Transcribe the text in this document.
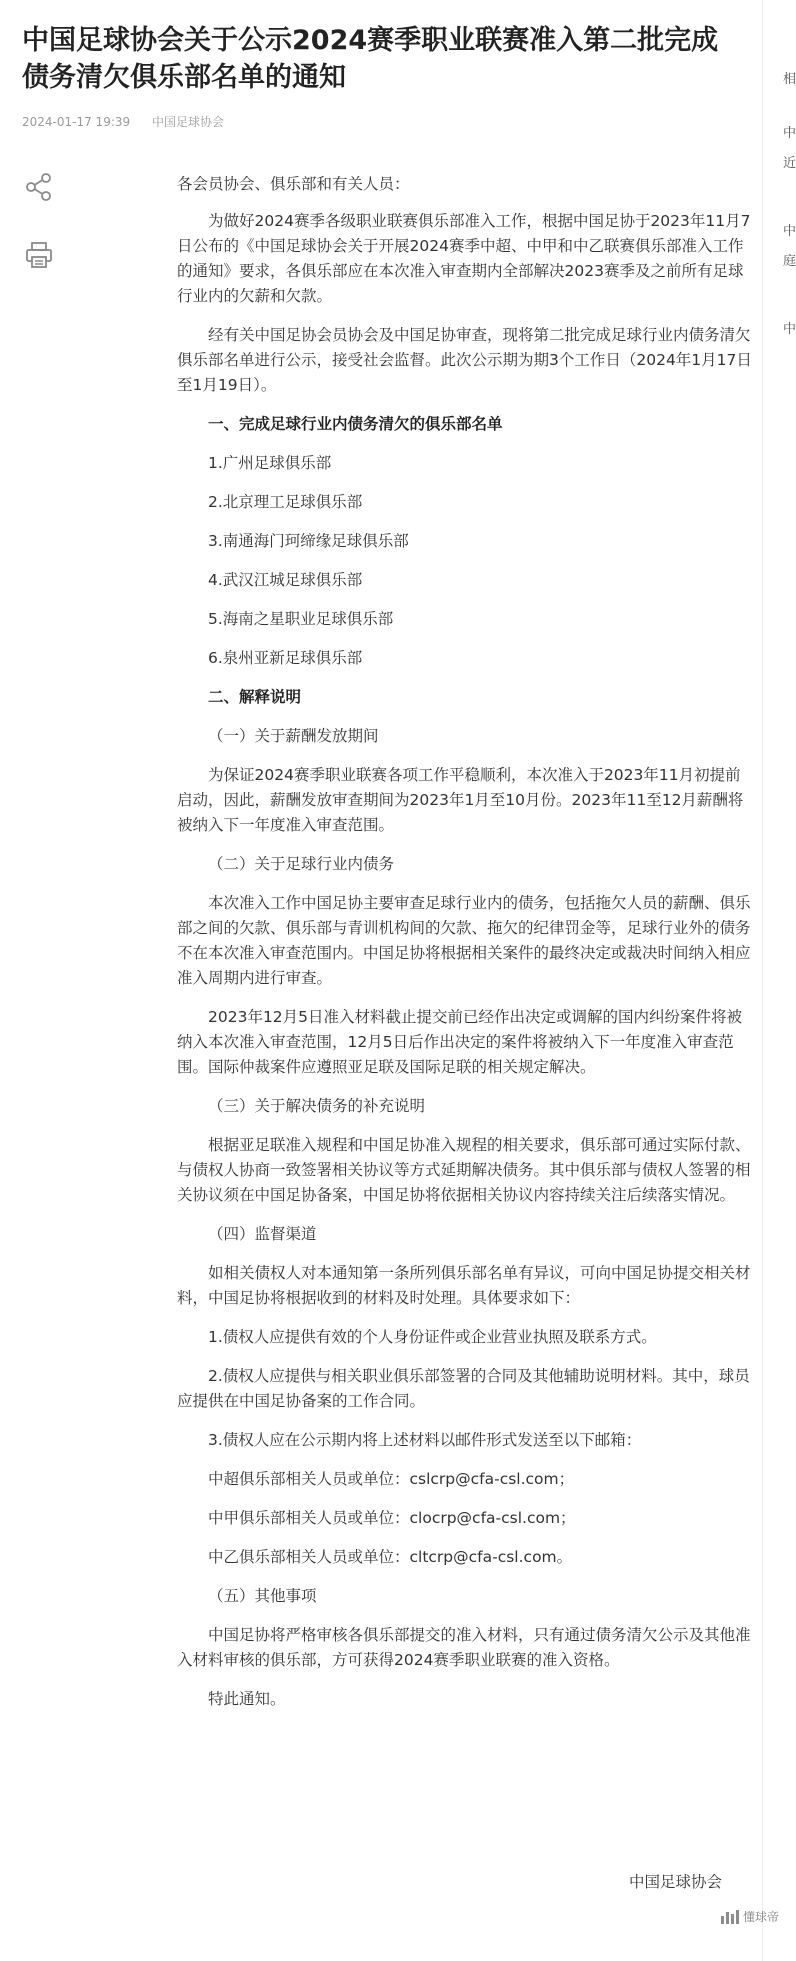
中国足球协会关于公示2024赛季职业联赛准入第二批完成债务清欠俱乐部名单的通知
2024-01-17 19:39 中国足球协会

各会员协会、俱乐部和有关人员：

为做好2024赛季各级职业联赛俱乐部准入工作，根据中国足协于2023年11月7日公布的《中国足球协会关于开展2024赛季中超、中甲和中乙联赛俱乐部准入工作的通知》要求，各俱乐部应在本次准入审查期内全部解决2023赛季及之前所有足球行业内的欠薪和欠款。

经有关中国足协会员协会及中国足协审查，现将第二批完成足球行业内债务清欠俱乐部名单进行公示，接受社会监督。此次公示期为期3个工作日（2024年1月17日至1月19日）。

一、完成足球行业内债务清欠的俱乐部名单

1.广州足球俱乐部

2.北京理工足球俱乐部

3.南通海门珂缔缘足球俱乐部

4.武汉江城足球俱乐部

5.海南之星职业足球俱乐部

6.泉州亚新足球俱乐部

二、解释说明

（一）关于薪酬发放期间

为保证2024赛季职业联赛各项工作平稳顺利，本次准入于2023年11月初提前启动，因此，薪酬发放审查期间为2023年1月至10月份。2023年11至12月薪酬将被纳入下一年度准入审查范围。

（二）关于足球行业内债务

本次准入工作中国足协主要审查足球行业内的债务，包括拖欠人员的薪酬、俱乐部之间的欠款、俱乐部与青训机构间的欠款、拖欠的纪律罚金等，足球行业外的债务不在本次准入审查范围内。中国足协将根据相关案件的最终决定或裁决时间纳入相应准入周期内进行审查。

2023年12月5日准入材料截止提交前已经作出决定或调解的国内纠纷案件将被纳入本次准入审查范围，12月5日后作出决定的案件将被纳入下一年度准入审查范围。国际仲裁案件应遵照亚足联及国际足联的相关规定解决。

（三）关于解决债务的补充说明

根据亚足联准入规程和中国足协准入规程的相关要求，俱乐部可通过实际付款、与债权人协商一致签署相关协议等方式延期解决债务。其中俱乐部与债权人签署的相关协议须在中国足协备案，中国足协将依据相关协议内容持续关注后续落实情况。

（四）监督渠道

如相关债权人对本通知第一条所列俱乐部名单有异议，可向中国足协提交相关材料，中国足协将根据收到的材料及时处理。具体要求如下：

1.债权人应提供有效的个人身份证件或企业营业执照及联系方式。

2.债权人应提供与相关职业俱乐部签署的合同及其他辅助说明材料。其中，球员应提供在中国足协备案的工作合同。

3.债权人应在公示期内将上述材料以邮件形式发送至以下邮箱：

中超俱乐部相关人员或单位：cslcrp@cfa-csl.com；

中甲俱乐部相关人员或单位：clocrp@cfa-csl.com；

中乙俱乐部相关人员或单位：cltcrp@cfa-csl.com。

（五）其他事项

中国足协将严格审核各俱乐部提交的准入材料，只有通过债务清欠公示及其他准入材料审核的俱乐部，方可获得2024赛季职业联赛的准入资格。

特此通知。

中国足球协会
相
中
近
中
庭
中
懂球帝
